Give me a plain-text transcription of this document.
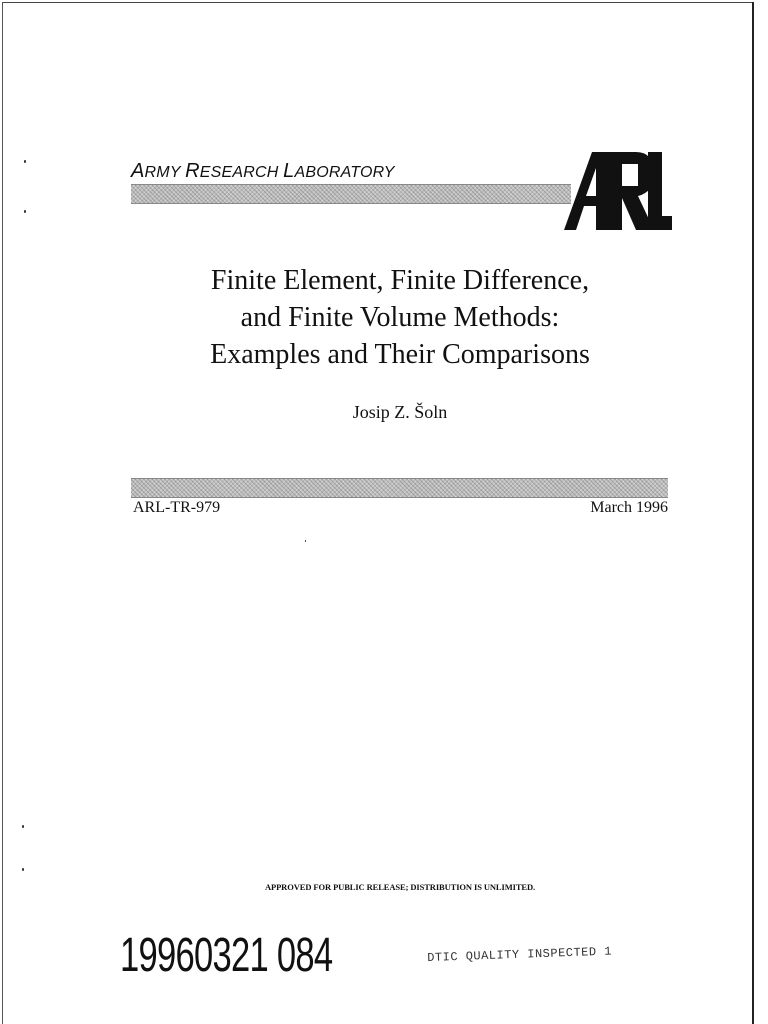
ARMY RESEARCH LABORATORY
Finite Element, Finite Difference,
and Finite Volume Methods:
Examples and Their Comparisons
Josip Z. Šoln
ARL-TR-979	March 1996
APPROVED FOR PUBLIC RELEASE; DISTRIBUTION IS UNLIMITED.
19960321 084	DTIC QUALITY INSPECTED 1
